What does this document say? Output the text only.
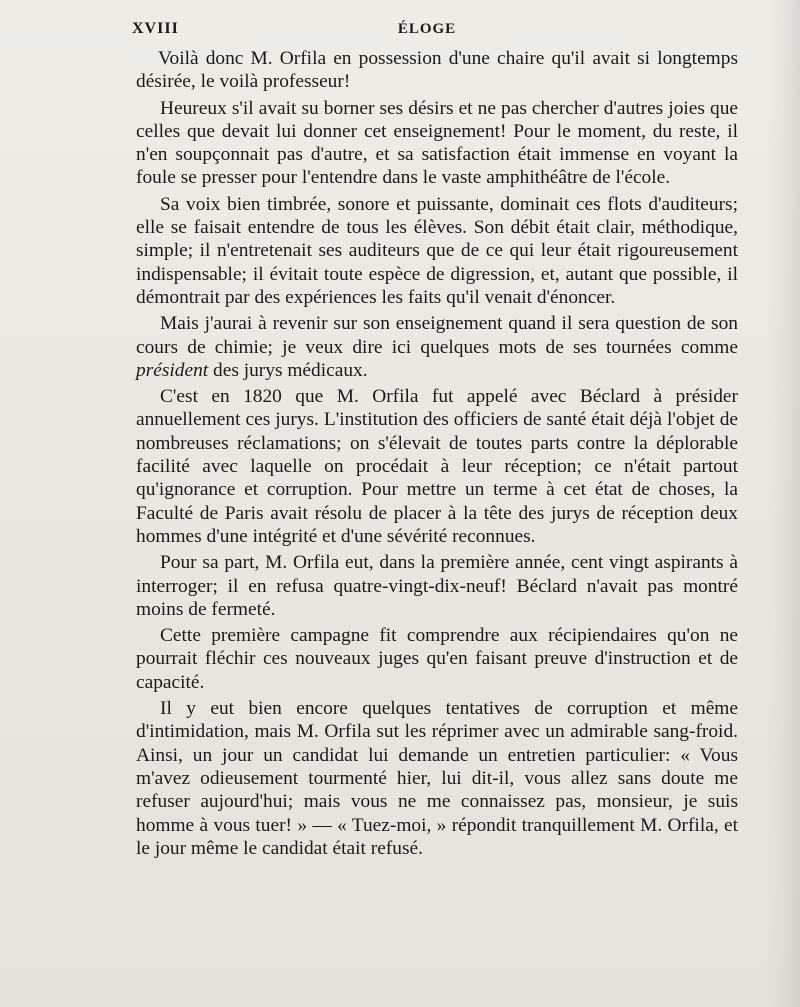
XVIII	ÉLOGE

Voilà donc M. Orfila en possession d'une chaire qu'il avait si longtemps désirée, le voilà professeur!

Heureux s'il avait su borner ses désirs et ne pas chercher d'autres joies que celles que devait lui donner cet enseignement! Pour le moment, du reste, il n'en soupçonnait pas d'autre, et sa satisfaction était immense en voyant la foule se presser pour l'entendre dans le vaste amphithéâtre de l'école.

Sa voix bien timbrée, sonore et puissante, dominait ces flots d'auditeurs; elle se faisait entendre de tous les élèves. Son débit était clair, méthodique, simple; il n'entretenait ses auditeurs que de ce qui leur était rigoureusement indispensable; il évitait toute espèce de digression, et, autant que possible, il démontrait par des expériences les faits qu'il venait d'énoncer.

Mais j'aurai à revenir sur son enseignement quand il sera question de son cours de chimie; je veux dire ici quelques mots de ses tournées comme président des jurys médicaux.

C'est en 1820 que M. Orfila fut appelé avec Béclard à présider annuellement ces jurys. L'institution des officiers de santé était déjà l'objet de nombreuses réclamations; on s'élevait de toutes parts contre la déplorable facilité avec laquelle on procédait à leur réception; ce n'était partout qu'ignorance et corruption. Pour mettre un terme à cet état de choses, la Faculté de Paris avait résolu de placer à la tête des jurys de réception deux hommes d'une intégrité et d'une sévérité reconnues.

Pour sa part, M. Orfila eut, dans la première année, cent vingt aspirants à interroger; il en refusa quatre-vingt-dix-neuf! Béclard n'avait pas montré moins de fermeté.

Cette première campagne fit comprendre aux récipiendaires qu'on ne pourrait fléchir ces nouveaux juges qu'en faisant preuve d'instruction et de capacité.

Il y eut bien encore quelques tentatives de corruption et même d'intimidation, mais M. Orfila sut les réprimer avec un admirable sang-froid. Ainsi, un jour un candidat lui demande un entretien particulier: « Vous m'avez odieusement tourmenté hier, lui dit-il, vous allez sans doute me refuser aujourd'hui; mais vous ne me connaissez pas, monsieur, je suis homme à vous tuer! » — « Tuez-moi, » répondit tranquillement M. Orfila, et le jour même le candidat était refusé.
